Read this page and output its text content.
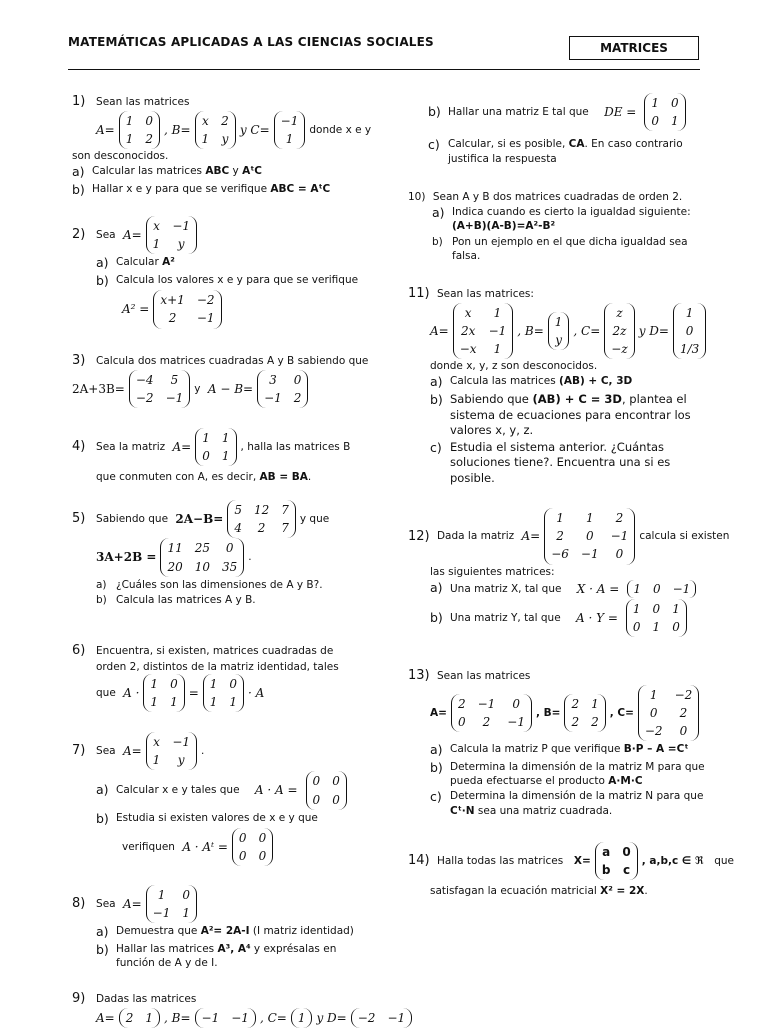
MATEMÁTICAS APLICADAS A LAS CIENCIAS SOCIALES	MATRICES
1)
Sean las matrices
A=
1 0
1 2
, B=
x 2
1 y
y C=
−1
1
donde x e y
son desconocidos.
a) Calcular las matrices ABC y AᵗC
b) Hallar x e y para que se verifique ABC = AᵗC
2)
Sea
A=
x −1
1	y
a) Calcular A²
b) Calcula los valores x e y para que se verifique
A² =
x+1 −2
2	−1
3)
Calcula dos matrices cuadradas A y B sabiendo que
2A+3B=
−4	5
−2 −1
y
A − B=
3	0
−1 2
4)
Sea la matriz
A=
1 1
0 1
, halla las matrices B
que conmuten con A, es decir, AB = BA.
5)
Sabiendo que
2A−B=
5 12 7
4	2	7
y que
3A+2B =
11 25	0
20 10 35
.
a) ¿Cuáles son las dimensiones de A y B?.
b) Calcula las matrices A y B.
6)
Encuentra, si existen, matrices cuadradas de
orden 2, distintos de la matriz identidad, tales
que
A ·
1 0
1 1
=
1 0
1 1
· A
7)
Sea
A=
x −1
1	y
.
a) Calcular x e y tales que
A · A =
0 0
0 0
b) Estudia si existen valores de x e y que
verifiquen
A · Aᵗ =
0 0
0 0
8)
Sea
A=
1	0
−1 1
a) Demuestra que A²= 2A-I (I matriz identidad)
b) Hallar las matrices A³, A⁴ y exprésalas en
función de A y de I.
9)
Dadas las matrices
A= 2 1 , B= −1 −1 , C= 1 y D= −2 −1
b) Hallar una matriz E tal que
DE =
1 0
0 1
c) Calcular, si es posible, CA. En caso contrario
justifica la respuesta
10)
Sean A y B dos matrices cuadradas de orden 2.
a) Indica cuando es cierto la igualdad siguiente:
(A+B)(A-B)=A²-B²
b) Pon un ejemplo en el que dicha igualdad sea
falsa.
11)
Sean las matrices:
A=
x	1
2x −1
−x	1
, B=
1
y
, C=
z
2z
−z
y D=
1
0
1/3
donde x, y, z son desconocidos.
a) Calcula las matrices (AB) + C, 3D
b) Sabiendo que (AB) + C = 3D, plantea el
sistema de ecuaciones para encontrar los
valores x, y, z.
c) Estudia el sistema anterior. ¿Cuántas
soluciones tiene?. Encuentra una si es
posible.
12)
Dada la matriz
A=
1	1	2
2	0	−1
−6 −1	0
calcula si existen
las siguientes matrices:
a) Una matriz X, tal que
X · A = 1 0 −1
b) Una matriz Y, tal que
A · Y =
1 0 1
0 1 0
13)
Sean las matrices
A=
2 −1	0
0	2	−1
, B=
2 1
2 2
, C=
1	−2
0	2
−2	0
a) Calcula la matriz P que verifique B·P – A =Cᵗ
b) Determina la dimensión de la matriz M para que
pueda efectuarse el producto A·M·C
c) Determina la dimensión de la matriz N para que
Cᵗ·N sea una matriz cuadrada.
14)
Halla todas las matrices
X=
a 0
b c
, a,b,c ∈ ℜ
que
satisfagan la ecuación matricial X² = 2X.
